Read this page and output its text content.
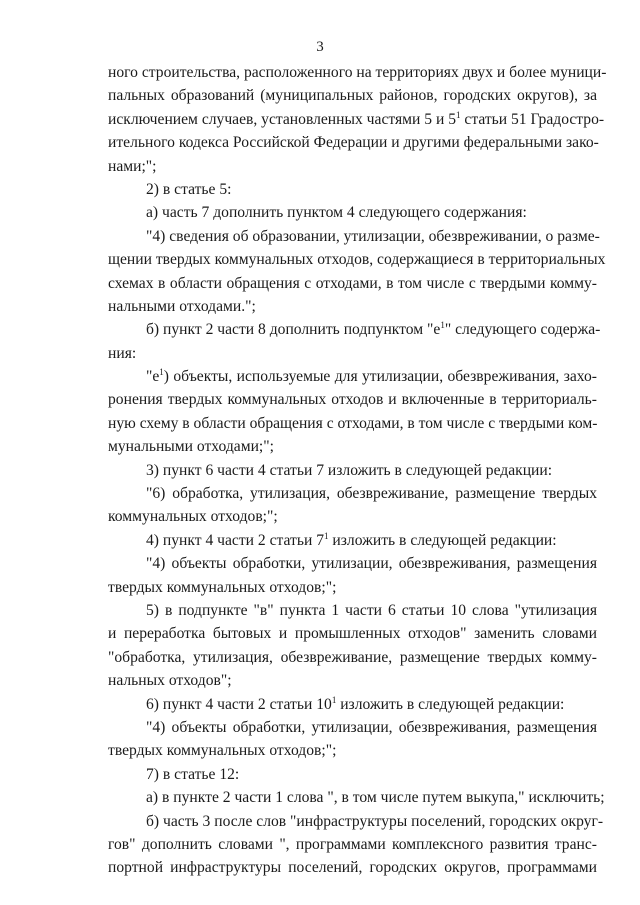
3
ного строительства, расположенного на территориях двух и более муници-
пальных образований (муниципальных районов, городских округов), за
исключением случаев, установленных частями 5 и $5^1$ статьи 51 Градостро-
ительного кодекса Российской Федерации и другими федеральными зако-
нами;";
2) в статье 5:
а) часть 7 дополнить пунктом 4 следующего содержания:
"4) сведения об образовании, утилизации, обезвреживании, о разме-
щении твердых коммунальных отходов, содержащиеся в территориальных
схемах в области обращения с отходами, в том числе с твердыми комму-
нальными отходами.";
б) пункт 2 части 8 дополнить подпунктом "$е^1$" следующего содержа-
ния:
"$е^1$) объекты, используемые для утилизации, обезвреживания, захо-
ронения твердых коммунальных отходов и включенные в территориаль-
ную схему в области обращения с отходами, в том числе с твердыми ком-
мунальными отходами;";
3) пункт 6 части 4 статьи 7 изложить в следующей редакции:
"6) обработка, утилизация, обезвреживание, размещение твердых
коммунальных отходов;";
4) пункт 4 части 2 статьи $7^1$ изложить в следующей редакции:
"4) объекты обработки, утилизации, обезвреживания, размещения
твердых коммунальных отходов;";
5) в подпункте "в" пункта 1 части 6 статьи 10 слова "утилизация
и переработка бытовых и промышленных отходов" заменить словами
"обработка, утилизация, обезвреживание, размещение твердых комму-
нальных отходов";
6) пункт 4 части 2 статьи $10^1$ изложить в следующей редакции:
"4) объекты обработки, утилизации, обезвреживания, размещения
твердых коммунальных отходов;";
7) в статье 12:
а) в пункте 2 части 1 слова ", в том числе путем выкупа," исключить;
б) часть 3 после слов "инфраструктуры поселений, городских округ-
гов" дополнить словами ", программами комплексного развития транс-
портной инфраструктуры поселений, городских округов, программами
